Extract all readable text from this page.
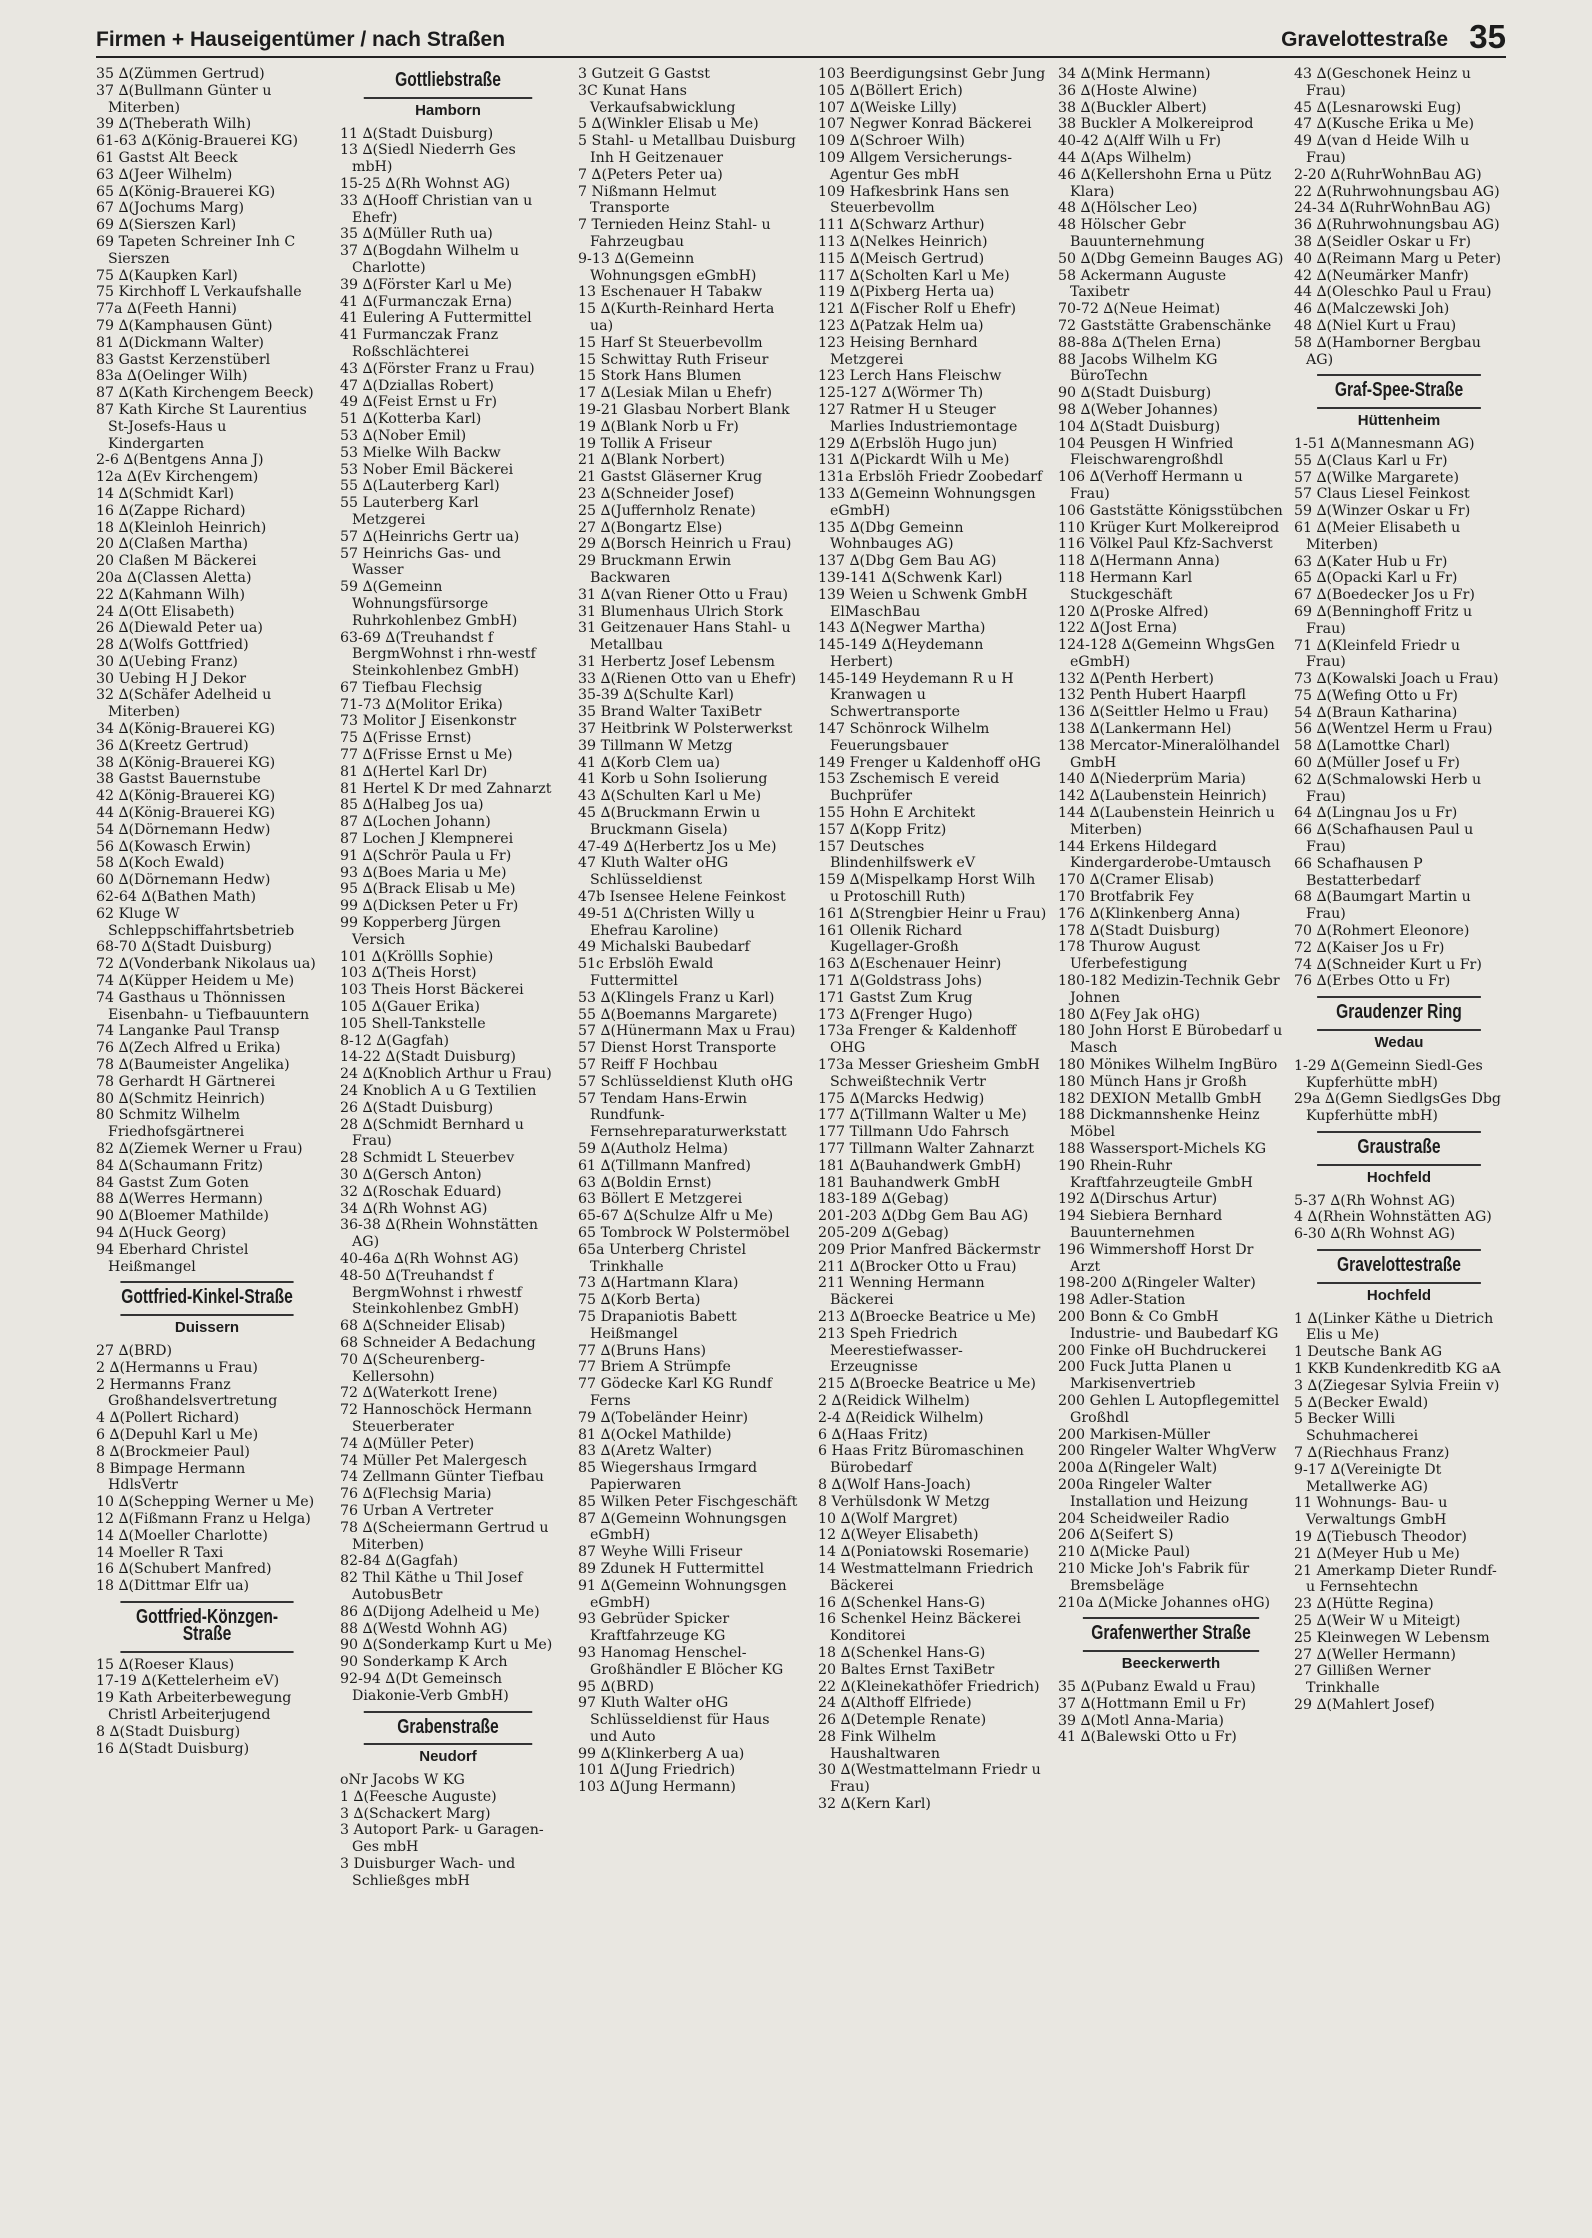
Firmen + Hauseigentümer / nach Straßen	Gravelottestraße 35
35 ∆(Zümmen Gertrud)
37 ∆(Bullmann Günter u Miterben)
39 ∆(Theberath Wilh)
61-63 ∆(König-Brauerei KG)
61 Gastst Alt Beeck
63 ∆(Jeer Wilhelm)
65 ∆(König-Brauerei KG)
67 ∆(Jochums Marg)
69 ∆(Sierszen Karl)
69 Tapeten Schreiner Inh C Sierszen
75 ∆(Kaupken Karl)
75 Kirchhoff L Verkaufshalle
77a ∆(Feeth Hanni)
79 ∆(Kamphausen Günt)
81 ∆(Dickmann Walter)
83 Gastst Kerzenstüberl
83a ∆(Oelinger Wilh)
87 ∆(Kath Kirchengem Beeck)
87 Kath Kirche St Laurentius St-Josefs-Haus u Kindergarten
2-6 ∆(Bentgens Anna J)
12a ∆(Ev Kirchengem)
14 ∆(Schmidt Karl)
16 ∆(Zappe Richard)
18 ∆(Kleinloh Heinrich)
20 ∆(Claßen Martha)
20 Claßen M Bäckerei
20a ∆(Classen Aletta)
22 ∆(Kahmann Wilh)
24 ∆(Ott Elisabeth)
26 ∆(Diewald Peter ua)
28 ∆(Wolfs Gottfried)
30 ∆(Uebing Franz)
30 Uebing H J Dekor
32 ∆(Schäfer Adelheid u Miterben)
34 ∆(König-Brauerei KG)
36 ∆(Kreetz Gertrud)
38 ∆(König-Brauerei KG)
38 Gastst Bauernstube
42 ∆(König-Brauerei KG)
44 ∆(König-Brauerei KG)
54 ∆(Dörnemann Hedw)
56 ∆(Kowasch Erwin)
58 ∆(Koch Ewald)
60 ∆(Dörnemann Hedw)
62-64 ∆(Bathen Math)
62 Kluge W Schleppschiffahrtsbetrieb
68-70 ∆(Stadt Duisburg)
72 ∆(Vonderbank Nikolaus ua)
74 ∆(Küpper Heidem u Me)
74 Gasthaus u Thönnissen Eisenbahn- u Tiefbauuntern
74 Langanke Paul Transp
76 ∆(Zech Alfred u Erika)
78 ∆(Baumeister Angelika)
78 Gerhardt H Gärtnerei
80 ∆(Schmitz Heinrich)
80 Schmitz Wilhelm Friedhofsgärtnerei
82 ∆(Ziemek Werner u Frau)
84 ∆(Schaumann Fritz)
84 Gastst Zum Goten
88 ∆(Werres Hermann)
90 ∆(Bloemer Mathilde)
94 ∆(Huck Georg)
94 Eberhard Christel Heißmangel
Gottfried-Kinkel-Straße
Duissern
27 ∆(BRD)
2 ∆(Hermanns u Frau)
2 Hermanns Franz Großhandelsvertretung
4 ∆(Pollert Richard)
6 ∆(Depuhl Karl u Me)
8 ∆(Brockmeier Paul)
8 Bimpage Hermann HdlsVertr
10 ∆(Schepping Werner u Me)
12 ∆(Fißmann Franz u Helga)
14 ∆(Moeller Charlotte)
14 Moeller R Taxi
16 ∆(Schubert Manfred)
18 ∆(Dittmar Elfr ua)
Gottfried-Könzgen-Straße
15 ∆(Roeser Klaus)
17-19 ∆(Kettelerheim eV)
19 Kath Arbeiterbewegung Christl Arbeiterjugend
8 ∆(Stadt Duisburg)
16 ∆(Stadt Duisburg)
Gottliebstraße
Hamborn
11 ∆(Stadt Duisburg)
13 ∆(Siedl Niederrh Ges mbH)
15-25 ∆(Rh Wohnst AG)
33 ∆(Hooff Christian van u Ehefr)
35 ∆(Müller Ruth ua)
37 ∆(Bogdahn Wilhelm u Charlotte)
39 ∆(Förster Karl u Me)
41 ∆(Furmanczak Erna)
41 Eulering A Futtermittel
41 Furmanczak Franz Roßschlächterei
43 ∆(Förster Franz u Frau)
47 ∆(Dziallas Robert)
49 ∆(Feist Ernst u Fr)
51 ∆(Kotterba Karl)
53 ∆(Nober Emil)
53 Mielke Wilh Backw
53 Nober Emil Bäckerei
55 ∆(Lauterberg Karl)
55 Lauterberg Karl Metzgerei
57 ∆(Heinrichs Gertr ua)
57 Heinrichs Gas- und Wasser
59 ∆(Gemeinn Wohnungsfürsorge Ruhrkohlenbez GmbH)
63-69 ∆(Treuhandst f BergmWohnst i rhn-westf Steinkohlenbez GmbH)
67 Tiefbau Flechsig
71-73 ∆(Molitor Erika)
73 Molitor J Eisenkonstr
75 ∆(Frisse Ernst)
77 ∆(Frisse Ernst u Me)
81 ∆(Hertel Karl Dr)
81 Hertel K Dr med Zahnarzt
85 ∆(Halbeg Jos ua)
87 ∆(Lochen Johann)
87 Lochen J Klempnerei
91 ∆(Schrör Paula u Fr)
93 ∆(Boes Maria u Me)
95 ∆(Brack Elisab u Me)
99 ∆(Dicksen Peter u Fr)
99 Kopperberg Jürgen Versich
101 ∆(Kröllls Sophie)
103 ∆(Theis Horst)
103 Theis Horst Bäckerei
105 ∆(Gauer Erika)
105 Shell-Tankstelle
8-12 ∆(Gagfah)
14-22 ∆(Stadt Duisburg)
24 ∆(Knoblich Arthur u Frau)
24 Knoblich A u G Textilien
26 ∆(Stadt Duisburg)
28 ∆(Schmidt Bernhard u Frau)
28 Schmidt L Steuerbev
30 ∆(Gersch Anton)
32 ∆(Roschak Eduard)
34 ∆(Rh Wohnst AG)
36-38 ∆(Rhein Wohnstätten AG)
40-46a ∆(Rh Wohnst AG)
48-50 ∆(Treuhandst f BergmWohnst i rhwestf Steinkohlenbez GmbH)
68 ∆(Schneider Elisab)
68 Schneider A Bedachung
70 ∆(Scheurenberg-Kellersohn)
72 ∆(Waterkott Irene)
72 Hannoschöck Hermann Steuerberater
74 ∆(Müller Peter)
74 Müller Pet Malergesch
74 Zellmann Günter Tiefbau
76 ∆(Flechsig Maria)
76 Urban A Vertreter
78 ∆(Scheiermann Gertrud u Miterben)
82-84 ∆(Gagfah)
82 Thil Käthe u Thil Josef AutobusBetr
86 ∆(Dijong Adelheid u Me)
88 ∆(Westd Wohnh AG)
90 ∆(Sonderkamp Kurt u Me)
90 Sonderkamp K Arch
92-94 ∆(Dt Gemeinsch Diakonie-Verb GmbH)
Grabenstraße
Neudorf
oNr Jacobs W KG
1 ∆(Feesche Auguste)
3 ∆(Schackert Marg)
3 Autoport Park- u Garagen-Ges mbH
3 Duisburger Wach- und Schließges mbH
3 Gutzeit G Gastst
3C Kunat Hans Verkaufsabwicklung
5 ∆(Winkler Elisab u Me)
5 Stahl- u Metallbau Duisburg Inh H Geitzenauer
7 ∆(Peters Peter ua)
7 Nißmann Helmut Transporte
7 Ternieden Heinz Stahl- u Fahrzeugbau
9-13 ∆(Gemeinn Wohnungsgen eGmbH)
13 Eschenauer H Tabakw
15 ∆(Kurth-Reinhard Herta ua)
15 Harf St Steuerbevollm
15 Schwittay Ruth Friseur
15 Stork Hans Blumen
17 ∆(Lesiak Milan u Ehefr)
19-21 Glasbau Norbert Blank
19 ∆(Blank Norb u Fr)
19 Tollik A Friseur
21 ∆(Blank Norbert)
21 Gastst Gläserner Krug
23 ∆(Schneider Josef)
25 ∆(Juffernholz Renate)
27 ∆(Bongartz Else)
29 ∆(Borsch Heinrich u Frau)
29 Bruckmann Erwin Backwaren
31 ∆(van Riener Otto u Frau)
31 Blumenhaus Ulrich Stork
31 Geitzenauer Hans Stahl- u Metallbau
31 Herbertz Josef Lebensm
33 ∆(Rienen Otto van u Ehefr)
35-39 ∆(Schulte Karl)
35 Brand Walter TaxiBetr
37 Heitbrink W Polsterwerkst
39 Tillmann W Metzg
41 ∆(Korb Clem ua)
41 Korb u Sohn Isolierung
43 ∆(Schulten Karl u Me)
45 ∆(Bruckmann Erwin u Bruckmann Gisela)
47-49 ∆(Herbertz Jos u Me)
47 Kluth Walter oHG Schlüsseldienst
47b Isensee Helene Feinkost
49-51 ∆(Christen Willy u Ehefrau Karoline)
49 Michalski Baubedarf
51c Erbslöh Ewald Futtermittel
53 ∆(Klingels Franz u Karl)
55 ∆(Boemanns Margarete)
57 ∆(Hünermann Max u Frau)
57 Dienst Horst Transporte
57 Reiff F Hochbau
57 Schlüsseldienst Kluth oHG
57 Tendam Hans-Erwin Rundfunk-Fernsehreparaturwerkstatt
59 ∆(Autholz Helma)
61 ∆(Tillmann Manfred)
63 ∆(Boldin Ernst)
63 Böllert E Metzgerei
65-67 ∆(Schulze Alfr u Me)
65 Tombrock W Polstermöbel
65a Unterberg Christel Trinkhalle
73 ∆(Hartmann Klara)
75 ∆(Korb Berta)
75 Drapaniotis Babett Heißmangel
77 ∆(Bruns Hans)
77 Briem A Strümpfe
77 Gödecke Karl KG Rundf Ferns
79 ∆(Tobeländer Heinr)
81 ∆(Ockel Mathilde)
83 ∆(Aretz Walter)
85 Wiegershaus Irmgard Papierwaren
85 Wilken Peter Fischgeschäft
87 ∆(Gemeinn Wohnungsgen eGmbH)
87 Weyhe Willi Friseur
89 Zdunek H Futtermittel
91 ∆(Gemeinn Wohnungsgen eGmbH)
93 Gebrüder Spicker Kraftfahrzeuge KG
93 Hanomag Henschel-Großhändler E Blöcher KG
95 ∆(BRD)
97 Kluth Walter oHG Schlüsseldienst für Haus und Auto
99 ∆(Klinkerberg A ua)
101 ∆(Jung Friedrich)
103 ∆(Jung Hermann)
103 Beerdigungsinst Gebr Jung
105 ∆(Böllert Erich)
107 ∆(Weiske Lilly)
107 Negwer Konrad Bäckerei
109 ∆(Schroer Wilh)
109 Allgem Versicherungs-Agentur Ges mbH
109 Hafkesbrink Hans sen Steuerbevollm
111 ∆(Schwarz Arthur)
113 ∆(Nelkes Heinrich)
115 ∆(Meisch Gertrud)
117 ∆(Scholten Karl u Me)
119 ∆(Pixberg Herta ua)
121 ∆(Fischer Rolf u Ehefr)
123 ∆(Patzak Helm ua)
123 Heising Bernhard Metzgerei
123 Lerch Hans Fleischw
125-127 ∆(Wörmer Th)
127 Ratmer H u Steuger Marlies Industriemontage
129 ∆(Erbslöh Hugo jun)
131 ∆(Pickardt Wilh u Me)
131a Erbslöh Friedr Zoobedarf
133 ∆(Gemeinn Wohnungsgen eGmbH)
135 ∆(Dbg Gemeinn Wohnbauges AG)
137 ∆(Dbg Gem Bau AG)
139-141 ∆(Schwenk Karl)
139 Weien u Schwenk GmbH ElMaschBau
143 ∆(Negwer Martha)
145-149 ∆(Heydemann Herbert)
145-149 Heydemann R u H Kranwagen u Schwertransporte
147 Schönrock Wilhelm Feuerungsbauer
149 Frenger u Kaldenhoff oHG
153 Zschemisch E vereid Buchprüfer
155 Hohn E Architekt
157 ∆(Kopp Fritz)
157 Deutsches Blindenhilfswerk eV
159 ∆(Mispelkamp Horst Wilh u Protoschill Ruth)
161 ∆(Strengbier Heinr u Frau)
161 Ollenik Richard Kugellager-Großh
163 ∆(Eschenauer Heinr)
171 ∆(Goldstrass Johs)
171 Gastst Zum Krug
173 ∆(Frenger Hugo)
173a Frenger & Kaldenhoff OHG
173a Messer Griesheim GmbH Schweißtechnik Vertr
175 ∆(Marcks Hedwig)
177 ∆(Tillmann Walter u Me)
177 Tillmann Udo Fahrsch
177 Tillmann Walter Zahnarzt
181 ∆(Bauhandwerk GmbH)
181 Bauhandwerk GmbH
183-189 ∆(Gebag)
201-203 ∆(Dbg Gem Bau AG)
205-209 ∆(Gebag)
209 Prior Manfred Bäckermstr
211 ∆(Brocker Otto u Frau)
211 Wenning Hermann Bäckerei
213 ∆(Broecke Beatrice u Me)
213 Speh Friedrich Meerestiefwasser-Erzeugnisse
215 ∆(Broecke Beatrice u Me)
2 ∆(Reidick Wilhelm)
2-4 ∆(Reidick Wilhelm)
6 ∆(Haas Fritz)
6 Haas Fritz Büromaschinen Bürobedarf
8 ∆(Wolf Hans-Joach)
8 Verhülsdonk W Metzg
10 ∆(Wolf Margret)
12 ∆(Weyer Elisabeth)
14 ∆(Poniatowski Rosemarie)
14 Westmattelmann Friedrich Bäckerei
16 ∆(Schenkel Hans-G)
16 Schenkel Heinz Bäckerei Konditorei
18 ∆(Schenkel Hans-G)
20 Baltes Ernst TaxiBetr
22 ∆(Kleinekathöfer Friedrich)
24 ∆(Althoff Elfriede)
26 ∆(Detemple Renate)
28 Fink Wilhelm Haushaltwaren
30 ∆(Westmattelmann Friedr u Frau)
32 ∆(Kern Karl)
34 ∆(Mink Hermann)
36 ∆(Hoste Alwine)
38 ∆(Buckler Albert)
38 Buckler A Molkereiprod
40-42 ∆(Alff Wilh u Fr)
44 ∆(Aps Wilhelm)
46 ∆(Kellershohn Erna u Pütz Klara)
48 ∆(Hölscher Leo)
48 Hölscher Gebr Bauunternehmung
50 ∆(Dbg Gemeinn Bauges AG)
58 Ackermann Auguste Taxibetr
70-72 ∆(Neue Heimat)
72 Gaststätte Grabenschänke
88-88a ∆(Thelen Erna)
88 Jacobs Wilhelm KG BüroTechn
90 ∆(Stadt Duisburg)
98 ∆(Weber Johannes)
104 ∆(Stadt Duisburg)
104 Peusgen H Winfried Fleischwarengroßhdl
106 ∆(Verhoff Hermann u Frau)
106 Gaststätte Königsstübchen
110 Krüger Kurt Molkereiprod
116 Völkel Paul Kfz-Sachverst
118 ∆(Hermann Anna)
118 Hermann Karl Stuckgeschäft
120 ∆(Proske Alfred)
122 ∆(Jost Erna)
124-128 ∆(Gemeinn WhgsGen eGmbH)
132 ∆(Penth Herbert)
132 Penth Hubert Haarpfl
136 ∆(Seittler Helmo u Frau)
138 ∆(Lankermann Hel)
138 Mercator-Mineralölhandel GmbH
140 ∆(Niederprüm Maria)
142 ∆(Laubenstein Heinrich)
144 ∆(Laubenstein Heinrich u Miterben)
144 Erkens Hildegard Kindergarderobe-Umtausch
170 ∆(Cramer Elisab)
170 Brotfabrik Fey
176 ∆(Klinkenberg Anna)
178 ∆(Stadt Duisburg)
178 Thurow August Uferbefestigung
180-182 Medizin-Technik Gebr Johnen
180 ∆(Fey Jak oHG)
180 John Horst E Bürobedarf u Masch
180 Mönikes Wilhelm IngBüro
180 Münch Hans jr Großh
182 DEXION Metallb GmbH
188 Dickmannshenke Heinz Möbel
188 Wassersport-Michels KG
190 Rhein-Ruhr Kraftfahrzeugteile GmbH
192 ∆(Dirschus Artur)
194 Siebiera Bernhard Bauunternehmen
196 Wimmershoff Horst Dr Arzt
198-200 ∆(Ringeler Walter)
198 Adler-Station
200 Bonn & Co GmbH Industrie- und Baubedarf KG
200 Finke oH Buchdruckerei
200 Fuck Jutta Planen u Markisenvertrieb
200 Gehlen L Autopflegemittel Großhdl
200 Markisen-Müller
200 Ringeler Walter WhgVerw
200a ∆(Ringeler Walt)
200a Ringeler Walter Installation und Heizung
204 Scheidweiler Radio
206 ∆(Seifert S)
210 ∆(Micke Paul)
210 Micke Joh's Fabrik für Bremsbeläge
210a ∆(Micke Johannes oHG)
Grafenwerther Straße
Beeckerwerth
35 ∆(Pubanz Ewald u Frau)
37 ∆(Hottmann Emil u Fr)
39 ∆(Motl Anna-Maria)
41 ∆(Balewski Otto u Fr)
43 ∆(Geschonek Heinz u Frau)
45 ∆(Lesnarowski Eug)
47 ∆(Kusche Erika u Me)
49 ∆(van d Heide Wilh u Frau)
2-20 ∆(RuhrWohnBau AG)
22 ∆(Ruhrwohnungsbau AG)
24-34 ∆(RuhrWohnBau AG)
36 ∆(Ruhrwohnungsbau AG)
38 ∆(Seidler Oskar u Fr)
40 ∆(Reimann Marg u Peter)
42 ∆(Neumärker Manfr)
44 ∆(Oleschko Paul u Frau)
46 ∆(Malczewski Joh)
48 ∆(Niel Kurt u Frau)
58 ∆(Hamborner Bergbau AG)
Graf-Spee-Straße
Hüttenheim
1-51 ∆(Mannesmann AG)
55 ∆(Claus Karl u Fr)
57 ∆(Wilke Margarete)
57 Claus Liesel Feinkost
59 ∆(Winzer Oskar u Fr)
61 ∆(Meier Elisabeth u Miterben)
63 ∆(Kater Hub u Fr)
65 ∆(Opacki Karl u Fr)
67 ∆(Boedecker Jos u Fr)
69 ∆(Benninghoff Fritz u Frau)
71 ∆(Kleinfeld Friedr u Frau)
73 ∆(Kowalski Joach u Frau)
75 ∆(Wefing Otto u Fr)
54 ∆(Braun Katharina)
56 ∆(Wentzel Herm u Frau)
58 ∆(Lamottke Charl)
60 ∆(Müller Josef u Fr)
62 ∆(Schmalowski Herb u Frau)
64 ∆(Lingnau Jos u Fr)
66 ∆(Schafhausen Paul u Frau)
66 Schafhausen P Bestatterbedarf
68 ∆(Baumgart Martin u Frau)
70 ∆(Rohmert Eleonore)
72 ∆(Kaiser Jos u Fr)
74 ∆(Schneider Kurt u Fr)
76 ∆(Erbes Otto u Fr)
Graudenzer Ring
Wedau
1-29 ∆(Gemeinn Siedl-Ges Kupferhütte mbH)
29a ∆(Gemn SiedlgsGes Dbg Kupferhütte mbH)
Graustraße
Hochfeld
5-37 ∆(Rh Wohnst AG)
4 ∆(Rhein Wohnstätten AG)
6-30 ∆(Rh Wohnst AG)
Gravelottestraße
Hochfeld
1 ∆(Linker Käthe u Dietrich Elis u Me)
1 Deutsche Bank AG
1 KKB Kundenkreditb KG aA
3 ∆(Ziegesar Sylvia Freiin v)
5 ∆(Becker Ewald)
5 Becker Willi Schuhmacherei
7 ∆(Riechhaus Franz)
9-17 ∆(Vereinigte Dt Metallwerke AG)
11 Wohnungs- Bau- u Verwaltungs GmbH
19 ∆(Tiebusch Theodor)
21 ∆(Meyer Hub u Me)
21 Amerkamp Dieter Rundf- u Fernsehtechn
23 ∆(Hütte Regina)
25 ∆(Weir W u Miteigt)
25 Kleinwegen W Lebensm
27 ∆(Weller Hermann)
27 Gillißen Werner Trinkhalle
29 ∆(Mahlert Josef)
